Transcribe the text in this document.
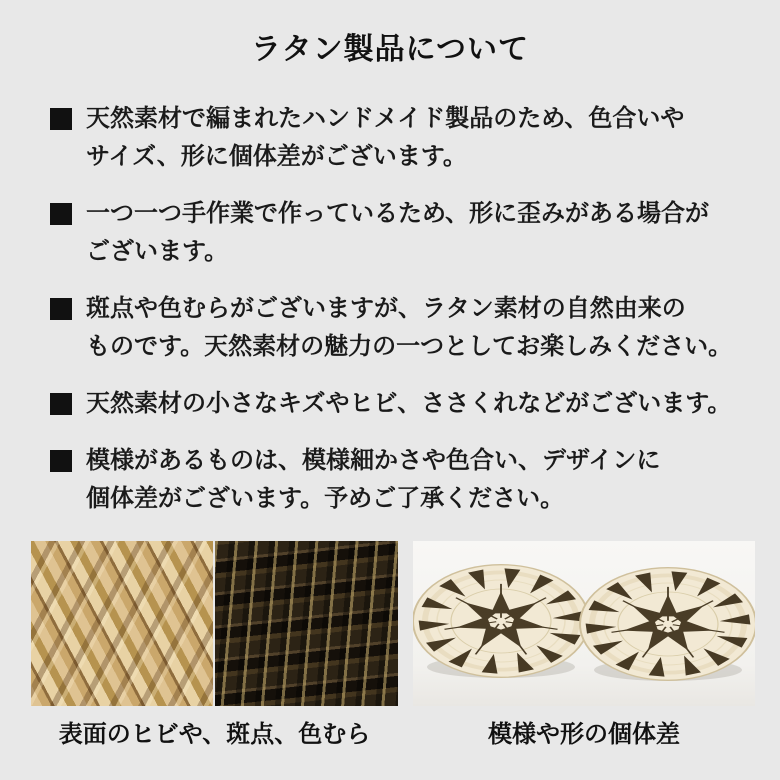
ラタン製品について

天然素材で編まれたハンドメイド製品のため、色合いや
サイズ、形に個体差がございます。

一つ一つ手作業で作っているため、形に歪みがある場合が
ございます。

斑点や色むらがございますが、ラタン素材の自然由来の
ものです。天然素材の魅力の一つとしてお楽しみください。

天然素材の小さなキズやヒビ、ささくれなどがございます。

模様があるものは、模様細かさや色合い、デザインに
個体差がございます。予めご了承ください。

表面のヒビや、斑点、色むら	模様や形の個体差
